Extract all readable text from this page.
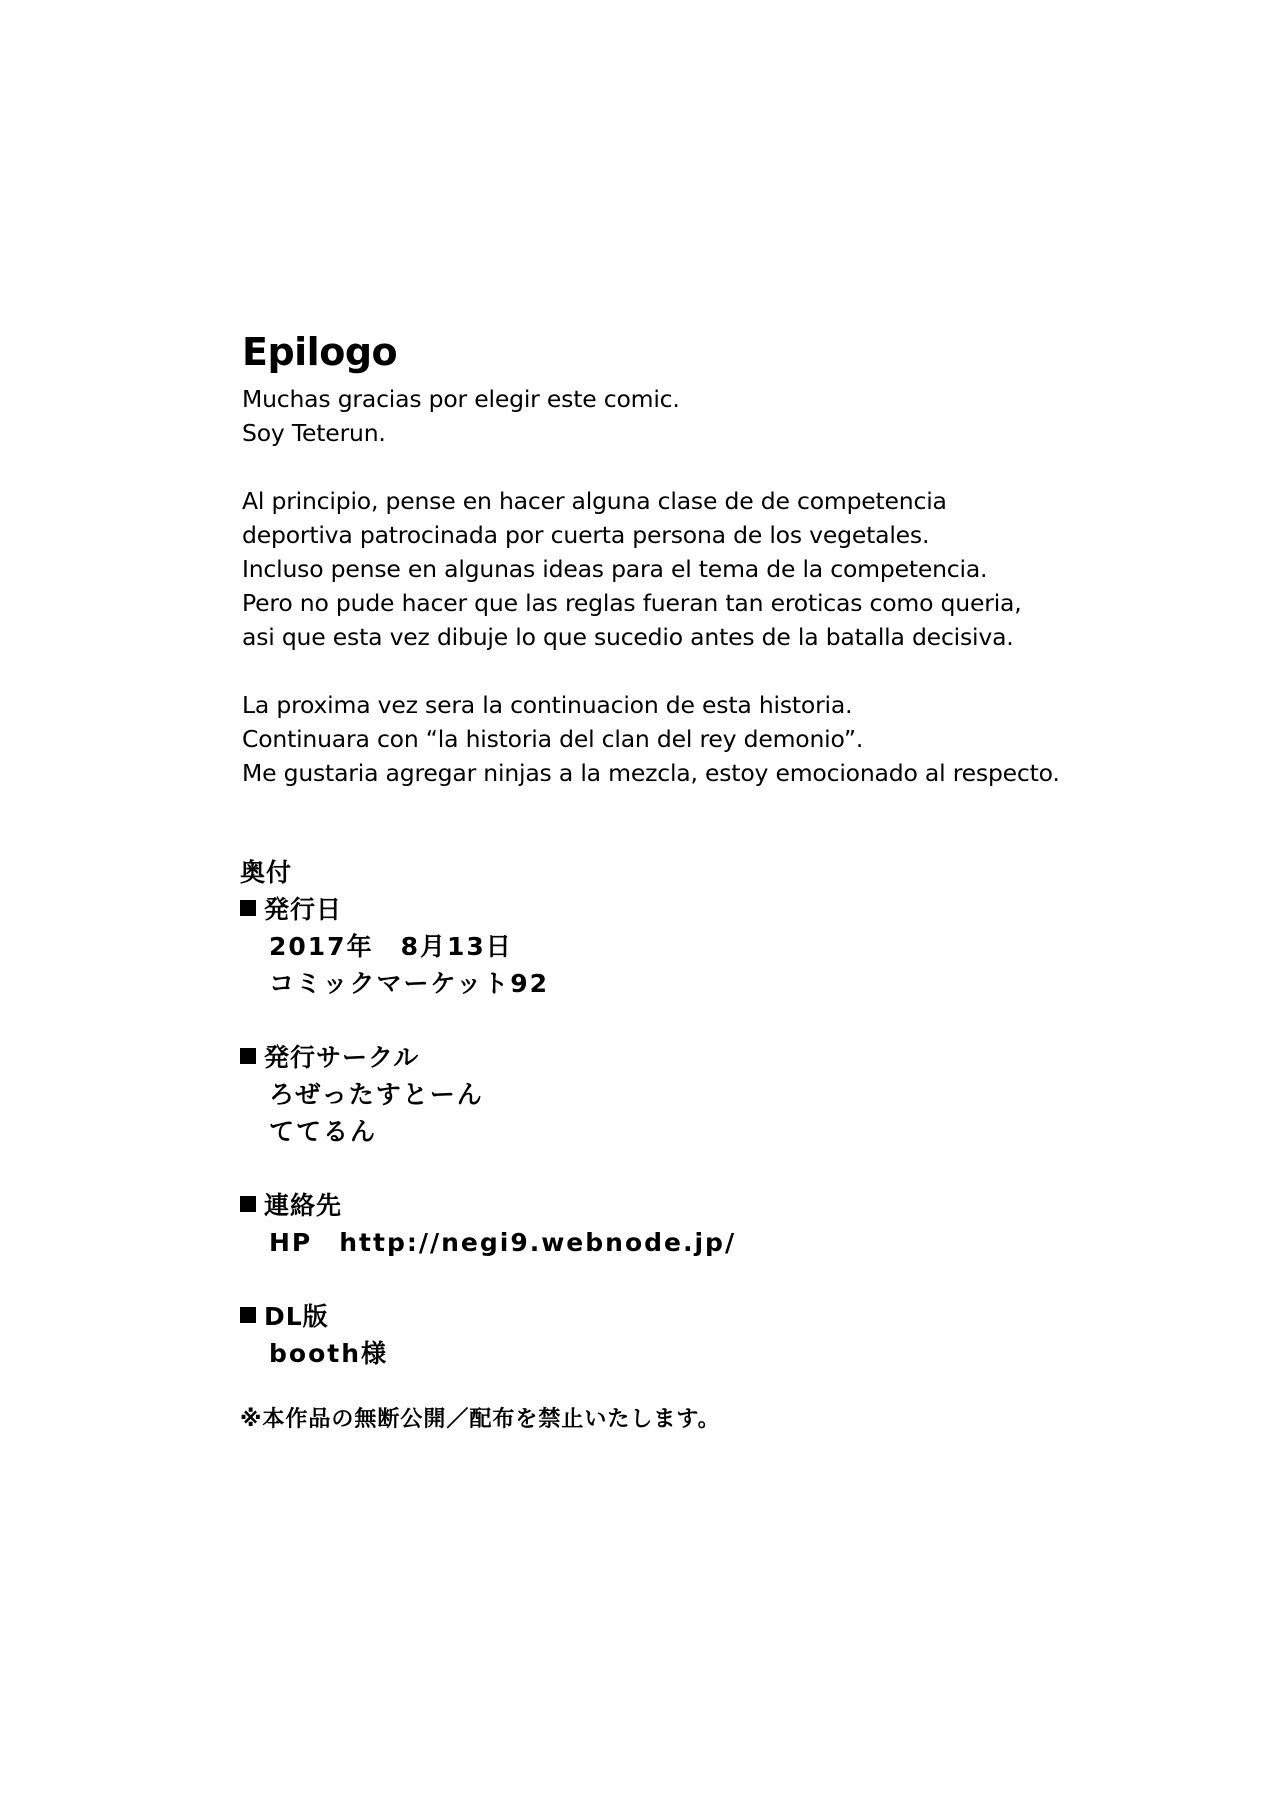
Epilogo
Muchas gracias por elegir este comic.
Soy Teterun.
Al principio, pense en hacer alguna clase de de competencia
deportiva patrocinada por cuerta persona de los vegetales.
Incluso pense en algunas ideas para el tema de la competencia.
Pero no pude hacer que las reglas fueran tan eroticas como queria,
asi que esta vez dibuje lo que sucedio antes de la batalla decisiva.
La proxima vez sera la continuacion de esta historia.
Continuara con “la historia del clan del rey demonio”.
Me gustaria agregar ninjas a la mezcla, estoy emocionado al respecto.
奥付
発行日
2017年　8月13日
コミックマーケット92
発行サークル
ろぜったすとーん
ててるん
連絡先
HP　http://negi9.webnode.jp/
DL版
booth様
※本作品の無断公開／配布を禁止いたします。
